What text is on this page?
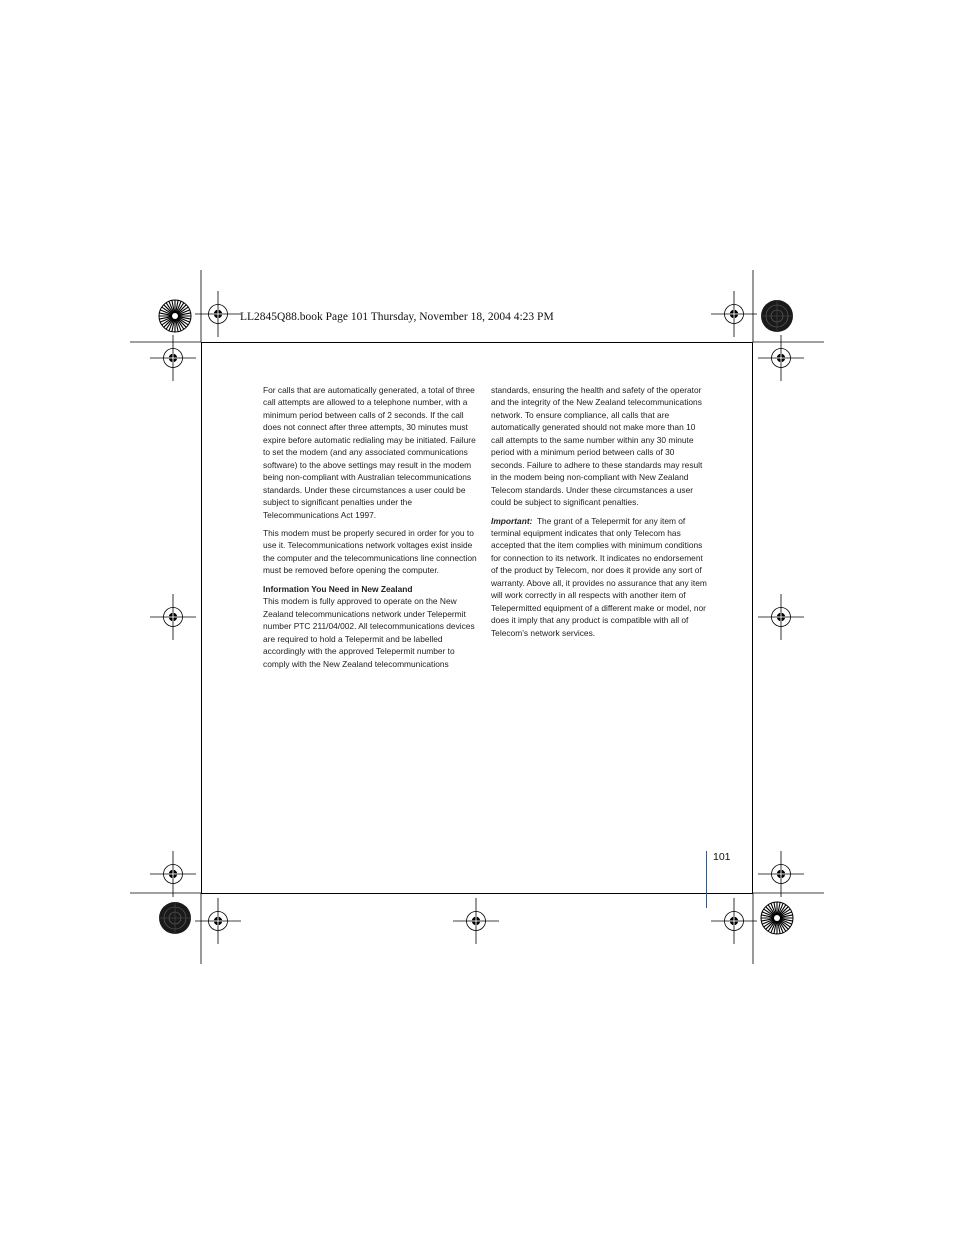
LL2845Q88.book Page 101 Thursday, November 18, 2004 4:23 PM

For calls that are automatically generated, a total of three call attempts are allowed to a telephone number, with a minimum period between calls of 2 seconds. If the call does not connect after three attempts, 30 minutes must expire before automatic redialing may be initiated. Failure to set the modem (and any associated communications software) to the above settings may result in the modem being non-compliant with Australian telecommunications standards. Under these circumstances a user could be subject to significant penalties under the Telecommunications Act 1997.

This modem must be properly secured in order for you to use it. Telecommunications network voltages exist inside the computer and the telecommunications line connection must be removed before opening the computer.

Information You Need in New Zealand

This modem is fully approved to operate on the New Zealand telecommunications network under Telepermit number PTC 211/04/002. All telecommunications devices are required to hold a Telepermit and be labelled accordingly with the approved Telepermit number to comply with the New Zealand telecommunications

standards, ensuring the health and safety of the operator and the integrity of the New Zealand telecommunications network. To ensure compliance, all calls that are automatically generated should not make more than 10 call attempts to the same number within any 30 minute period with a minimum period between calls of 30 seconds. Failure to adhere to these standards may result in the modem being non-compliant with New Zealand Telecom standards. Under these circumstances a user could be subject to significant penalties.

Important: The grant of a Telepermit for any item of terminal equipment indicates that only Telecom has accepted that the item complies with minimum conditions for connection to its network. It indicates no endorsement of the product by Telecom, nor does it provide any sort of warranty. Above all, it provides no assurance that any item will work correctly in all respects with another item of Telepermitted equipment of a different make or model, nor does it imply that any product is compatible with all of Telecom’s network services.

101
